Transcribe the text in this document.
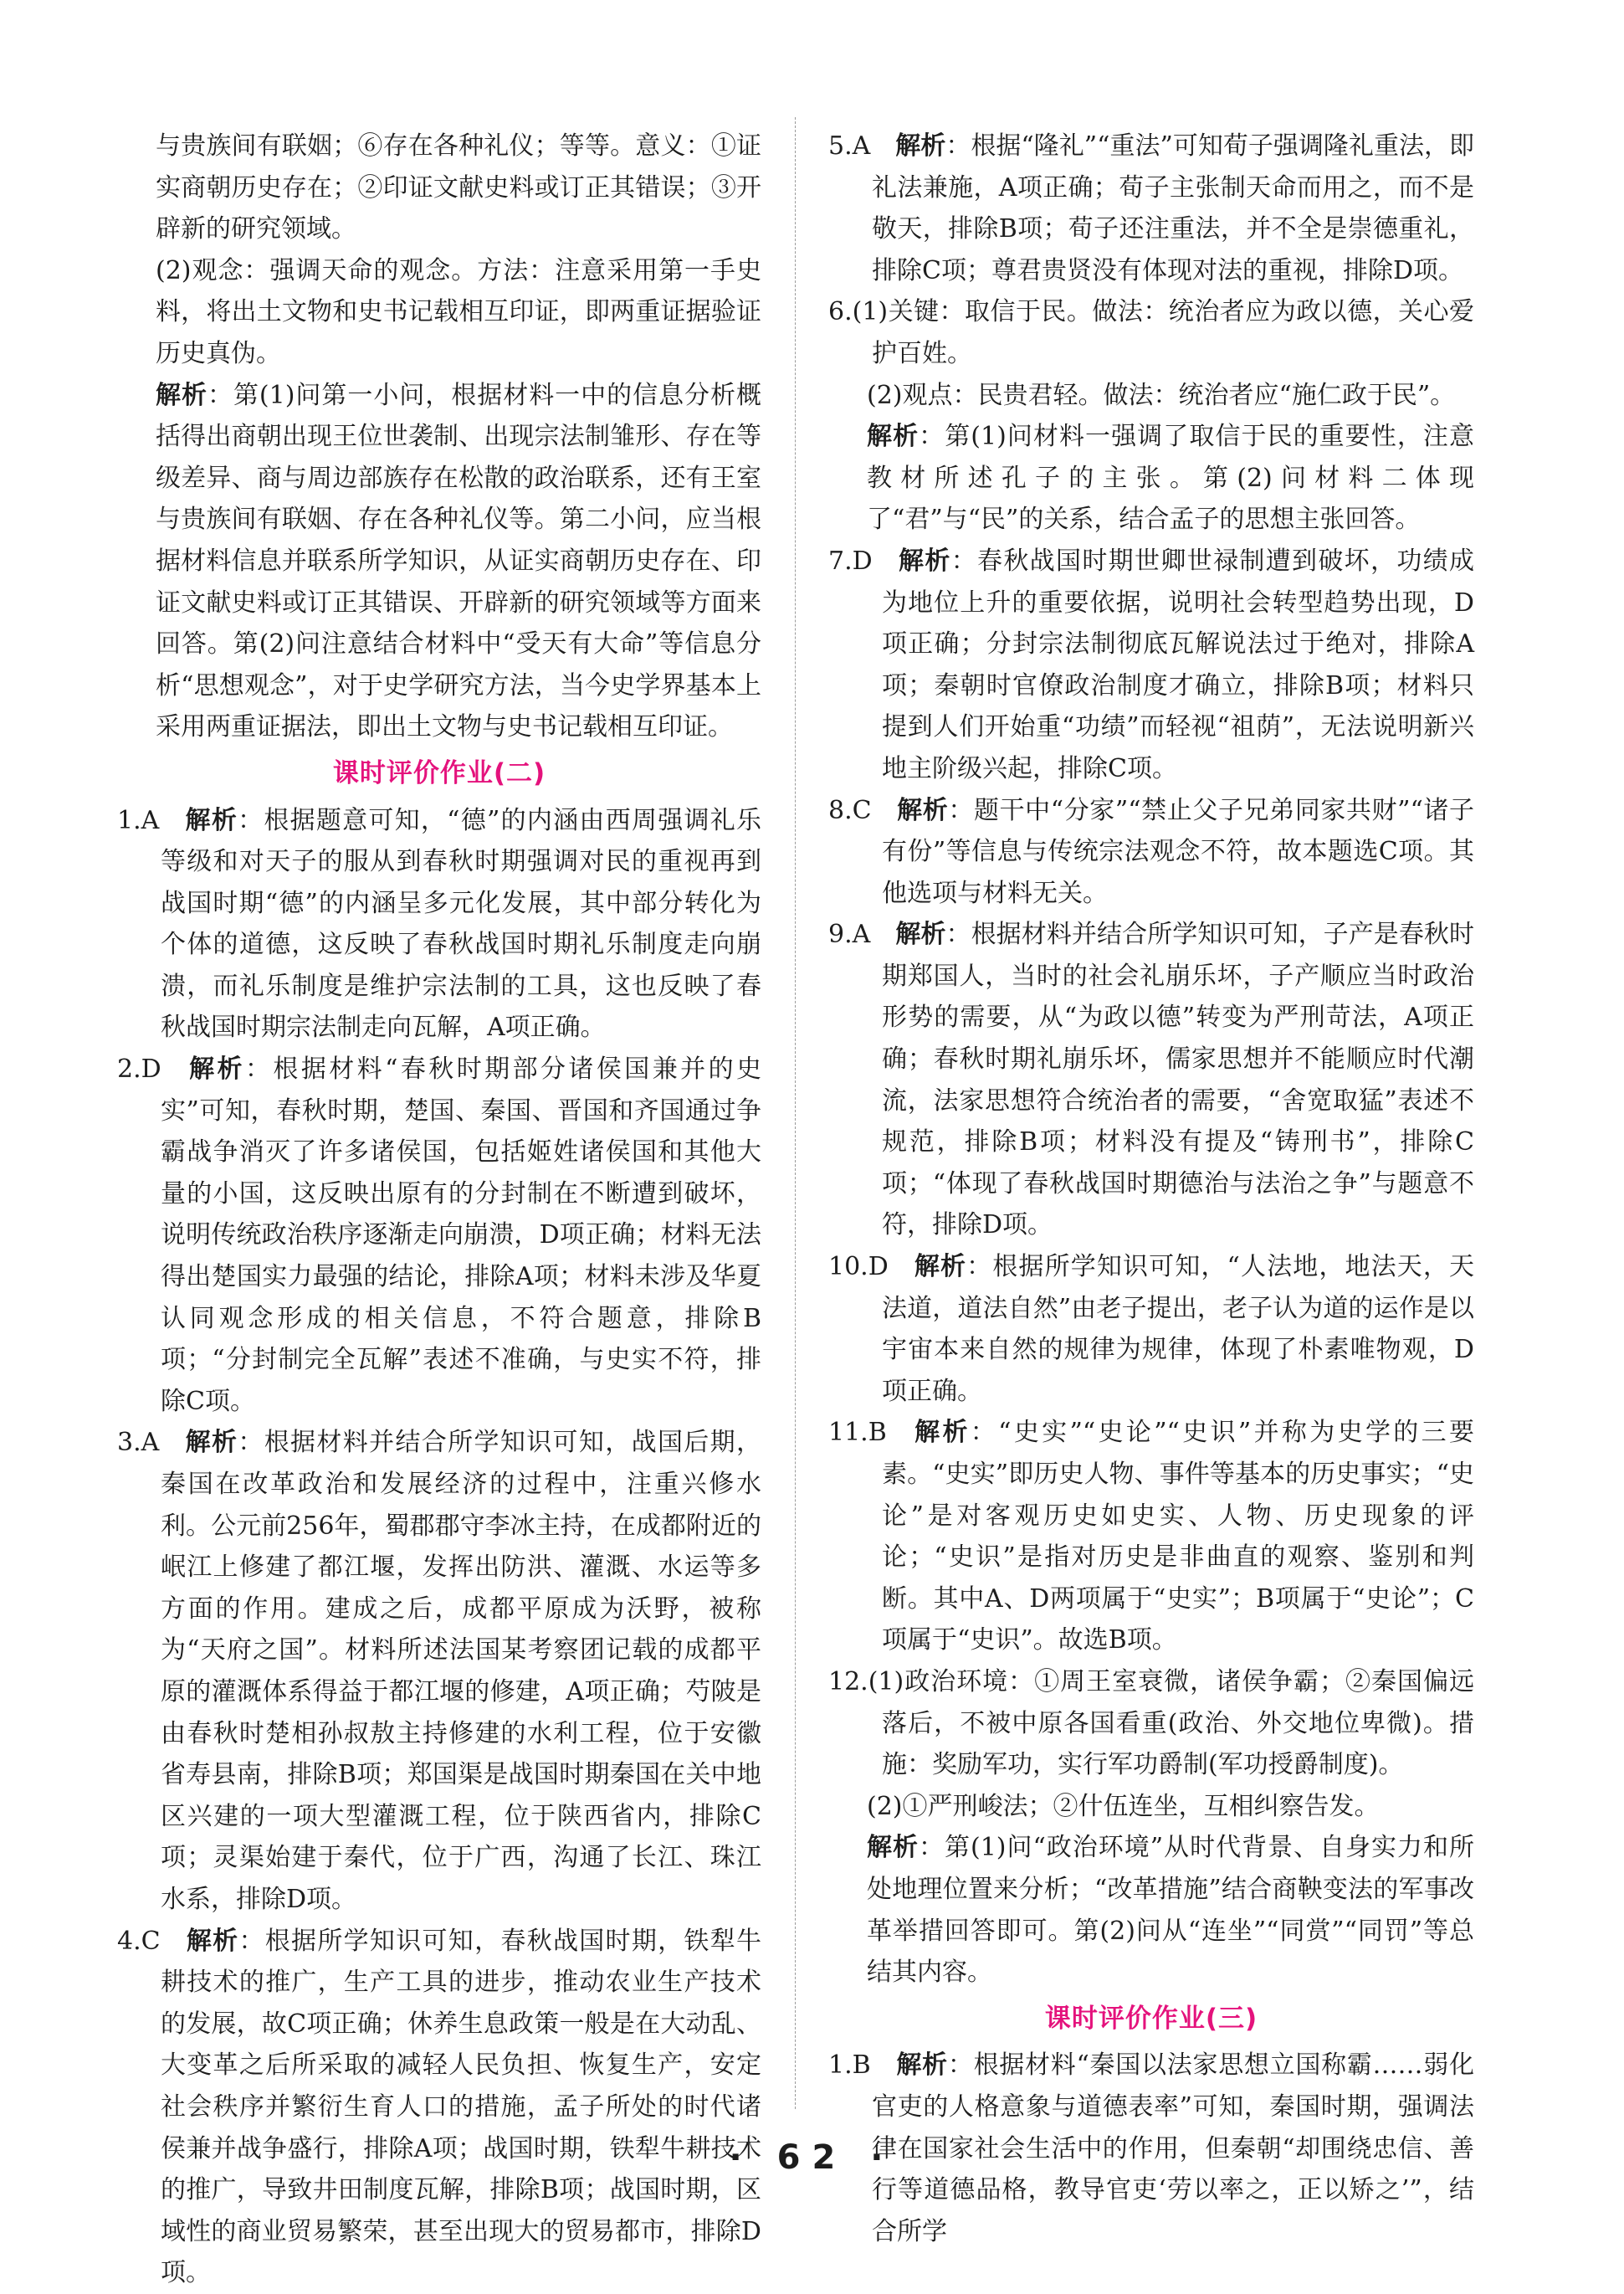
与贵族间有联姻；⑥存在各种礼仪；等等。意义：①证实商朝历史存在；②印证文献史料或订正其错误；③开辟新的研究领域。

(2)观念：强调天命的观念。方法：注意采用第一手史料，将出土文物和史书记载相互印证，即两重证据验证历史真伪。

解析：第(1)问第一小问，根据材料一中的信息分析概括得出商朝出现王位世袭制、出现宗法制雏形、存在等级差异、商与周边部族存在松散的政治联系，还有王室与贵族间有联姻、存在各种礼仪等。第二小问，应当根据材料信息并联系所学知识，从证实商朝历史存在、印证文献史料或订正其错误、开辟新的研究领域等方面来回答。第(2)问注意结合材料中“受天有大命”等信息分析“思想观念”，对于史学研究方法，当今史学界基本上采用两重证据法，即出土文物与史书记载相互印证。

课时评价作业(二)

1.A  解析：根据题意可知，“德”的内涵由西周强调礼乐等级和对天子的服从到春秋时期强调对民的重视再到战国时期“德”的内涵呈多元化发展，其中部分转化为个体的道德，这反映了春秋战国时期礼乐制度走向崩溃，而礼乐制度是维护宗法制的工具，这也反映了春秋战国时期宗法制走向瓦解，A项正确。

2.D  解析：根据材料“春秋时期部分诸侯国兼并的史实”可知，春秋时期，楚国、秦国、晋国和齐国通过争霸战争消灭了许多诸侯国，包括姬姓诸侯国和其他大量的小国，这反映出原有的分封制在不断遭到破坏，说明传统政治秩序逐渐走向崩溃，D项正确；材料无法得出楚国实力最强的结论，排除A项；材料未涉及华夏认同观念形成的相关信息，不符合题意，排除B项；“分封制完全瓦解”表述不准确，与史实不符，排除C项。

3.A  解析：根据材料并结合所学知识可知，战国后期，秦国在改革政治和发展经济的过程中，注重兴修水利。公元前256年，蜀郡郡守李冰主持，在成都附近的岷江上修建了都江堰，发挥出防洪、灌溉、水运等多方面的作用。建成之后，成都平原成为沃野，被称为“天府之国”。材料所述法国某考察团记载的成都平原的灌溉体系得益于都江堰的修建，A项正确；芍陂是由春秋时楚相孙叔敖主持修建的水利工程，位于安徽省寿县南，排除B项；郑国渠是战国时期秦国在关中地区兴建的一项大型灌溉工程，位于陕西省内，排除C项；灵渠始建于秦代，位于广西，沟通了长江、珠江水系，排除D项。

4.C  解析：根据所学知识可知，春秋战国时期，铁犁牛耕技术的推广，生产工具的进步，推动农业生产技术的发展，故C项正确；休养生息政策一般是在大动乱、大变革之后所采取的减轻人民负担、恢复生产，安定社会秩序并繁衍生育人口的措施，孟子所处的时代诸侯兼并战争盛行，排除A项；战国时期，铁犁牛耕技术的推广，导致井田制度瓦解，排除B项；战国时期，区域性的商业贸易繁荣，甚至出现大的贸易都市，排除D项。

5.A  解析：根据“隆礼”“重法”可知荀子强调隆礼重法，即礼法兼施，A项正确；荀子主张制天命而用之，而不是敬天，排除B项；荀子还注重法，并不全是崇德重礼，排除C项；尊君贵贤没有体现对法的重视，排除D项。

6.(1)关键：取信于民。做法：统治者应为政以德，关心爱护百姓。

(2)观点：民贵君轻。做法：统治者应“施仁政于民”。

解析：第(1)问材料一强调了取信于民的重要性，注意教材所述孔子的主张。第(2)问材料二体现了“君”与“民”的关系，结合孟子的思想主张回答。

7.D  解析：春秋战国时期世卿世禄制遭到破坏，功绩成为地位上升的重要依据，说明社会转型趋势出现，D项正确；分封宗法制彻底瓦解说法过于绝对，排除A项；秦朝时官僚政治制度才确立，排除B项；材料只提到人们开始重“功绩”而轻视“祖荫”，无法说明新兴地主阶级兴起，排除C项。

8.C  解析：题干中“分家”“禁止父子兄弟同家共财”“诸子有份”等信息与传统宗法观念不符，故本题选C项。其他选项与材料无关。

9.A  解析：根据材料并结合所学知识可知，子产是春秋时期郑国人，当时的社会礼崩乐坏，子产顺应当时政治形势的需要，从“为政以德”转变为严刑苛法，A项正确；春秋时期礼崩乐坏，儒家思想并不能顺应时代潮流，法家思想符合统治者的需要，“舍宽取猛”表述不规范，排除B项；材料没有提及“铸刑书”，排除C项；“体现了春秋战国时期德治与法治之争”与题意不符，排除D项。

10.D  解析：根据所学知识可知，“人法地，地法天，天法道，道法自然”由老子提出，老子认为道的运作是以宇宙本来自然的规律为规律，体现了朴素唯物观，D项正确。

11.B  解析：“史实”“史论”“史识”并称为史学的三要素。“史实”即历史人物、事件等基本的历史事实；“史论”是对客观历史如史实、人物、历史现象的评论；“史识”是指对历史是非曲直的观察、鉴别和判断。其中A、D两项属于“史实”；B项属于“史论”；C项属于“史识”。故选B项。

12.(1)政治环境：①周王室衰微，诸侯争霸；②秦国偏远落后，不被中原各国看重(政治、外交地位卑微)。措施：奖励军功，实行军功爵制(军功授爵制度)。

(2)①严刑峻法；②什伍连坐，互相纠察告发。

解析：第(1)问“政治环境”从时代背景、自身实力和所处地理位置来分析；“改革措施”结合商鞅变法的军事改革举措回答即可。第(2)问从“连坐”“同赏”“同罚”等总结其内容。

课时评价作业(三)

1.B  解析：根据材料“秦国以法家思想立国称霸……弱化官吏的人格意象与道德表率”可知，秦国时期，强调法律在国家社会生活中的作用，但秦朝“却围绕忠信、善行等道德品格，教导官吏‘劳以率之，正以矫之’”，结合所学

· 62 ·
